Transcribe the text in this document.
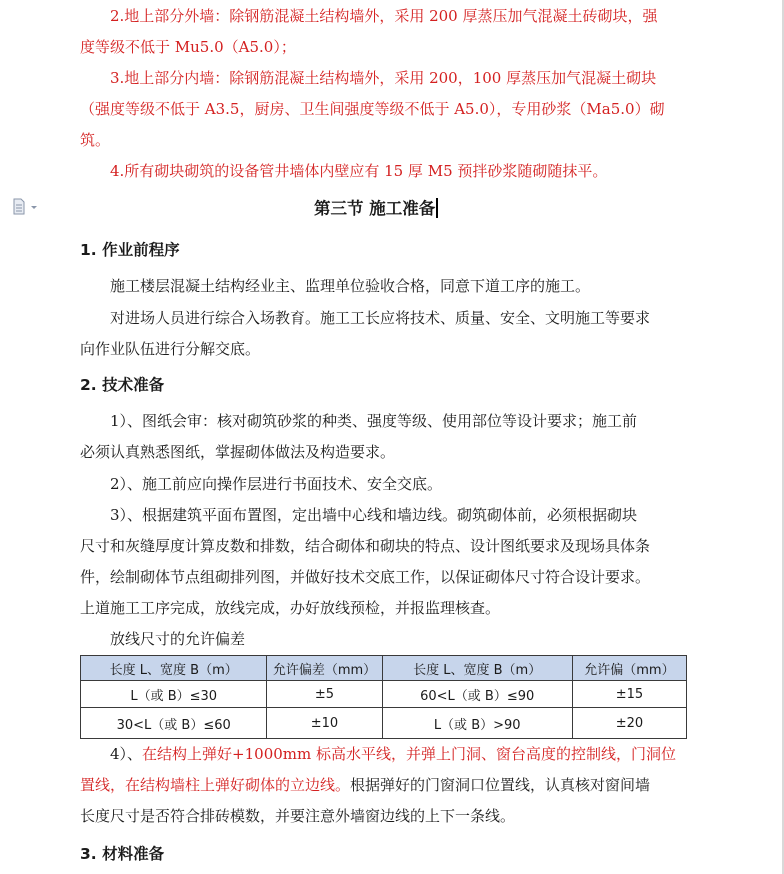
2.地上部分外墙：除钢筋混凝土结构墙外，采用 200 厚蒸压加气混凝土砖砌块，强
度等级不低于 Mu5.0（A5.0）；
3.地上部分内墙：除钢筋混凝土结构墙外，采用 200，100 厚蒸压加气混凝土砌块
（强度等级不低于 A3.5，厨房、卫生间强度等级不低于 A5.0），专用砂浆（Ma5.0）砌
筑。
4.所有砌块砌筑的设备管井墙体内壁应有 15 厚 M5 预拌砂浆随砌随抹平。
第三节 施工准备
1. 作业前程序
施工楼层混凝土结构经业主、监理单位验收合格，同意下道工序的施工。
对进场人员进行综合入场教育。施工工长应将技术、质量、安全、文明施工等要求
向作业队伍进行分解交底。
2. 技术准备
1）、图纸会审：核对砌筑砂浆的种类、强度等级、使用部位等设计要求；施工前
必须认真熟悉图纸，掌握砌体做法及构造要求。
2）、施工前应向操作层进行书面技术、安全交底。
3）、根据建筑平面布置图，定出墙中心线和墙边线。砌筑砌体前，必须根据砌块
尺寸和灰缝厚度计算皮数和排数，结合砌体和砌块的特点、设计图纸要求及现场具体条
件，绘制砌体节点组砌排列图，并做好技术交底工作，以保证砌体尺寸符合设计要求。
上道施工工序完成，放线完成，办好放线预检，并报监理核查。
放线尺寸的允许偏差
长度 L、宽度 B（m）	允许偏差（mm）	长度 L、宽度 B（m）	允许偏（mm）
L（或 B）≤30	±5	60<L（或 B）≤90	±15
30<L（或 B）≤60	±10	L（或 B）>90	±20
4）、在结构上弹好+1000mm 标高水平线，并弹上门洞、窗台高度的控制线，门洞位
置线，在结构墙柱上弹好砌体的立边线。根据弹好的门窗洞口位置线，认真核对窗间墙
长度尺寸是否符合排砖模数，并要注意外墙窗边线的上下一条线。
3. 材料准备
